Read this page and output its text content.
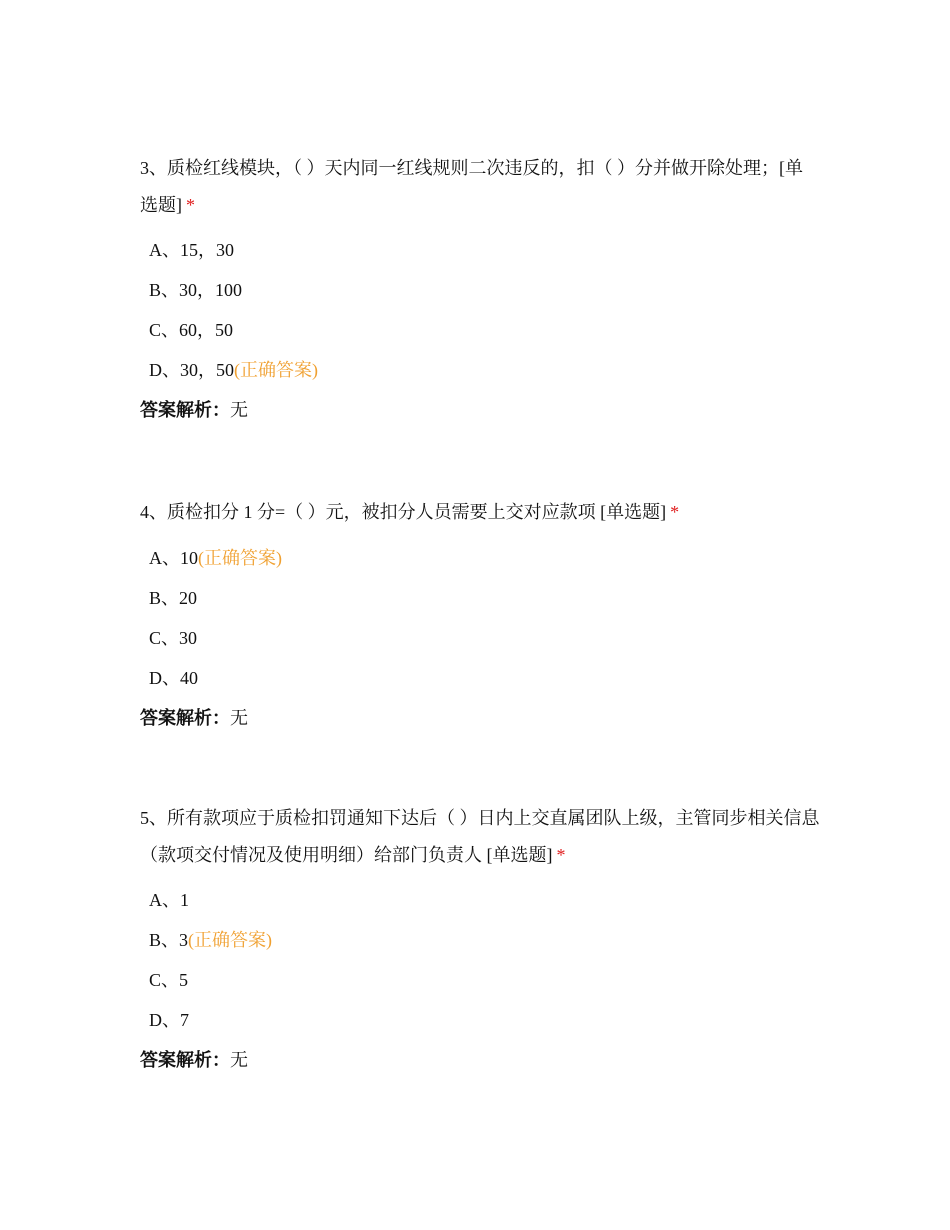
3、质检红线模块，（ ）天内同一红线规则二次违反的，扣（ ）分并做开除处理；[单选题] *

A、15，30
B、30，100
C、60，50
D、30，50(正确答案)
答案解析：无

4、质检扣分 1 分=（ ）元，被扣分人员需要上交对应款项 [单选题] *

A、10(正确答案)
B、20
C、30
D、40
答案解析：无

5、所有款项应于质检扣罚通知下达后（ ）日内上交直属团队上级，主管同步相关信息（款项交付情况及使用明细）给部门负责人 [单选题] *

A、1
B、3(正确答案)
C、5
D、7
答案解析：无
